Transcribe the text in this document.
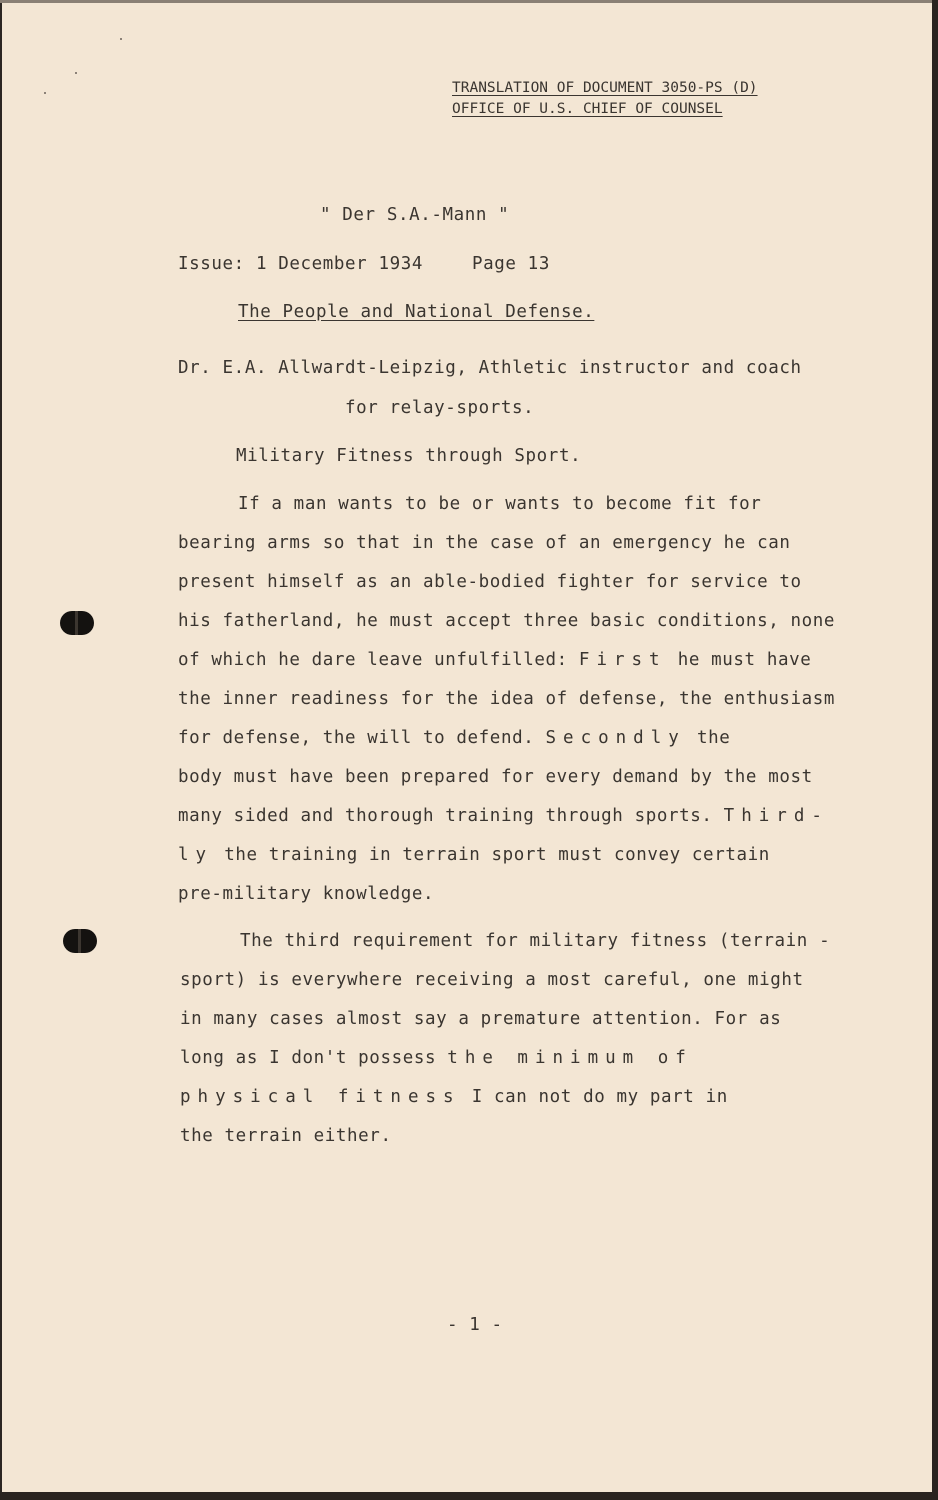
TRANSLATION OF DOCUMENT 3050-PS (D)
OFFICE OF U.S. CHIEF OF COUNSEL
" Der S.A.-Mann "
Issue: 1 December 1934	Page 13
The People and National Defense.
Dr. E.A. Allwardt-Leipzig, Athletic instructor and coach
for relay-sports.
Military Fitness through Sport.
If a man wants to be or wants to become fit for
bearing arms so that in the case of an emergency he can
present himself as an able-bodied fighter for service to
his fatherland, he must accept three basic conditions, none
of which he dare leave unfulfilled: First he must have
the inner readiness for the idea of defense, the enthusiasm
for defense, the will to defend. Secondly the
body must have been prepared for every demand by the most
many sided and thorough training through sports. Third-
ly the training in terrain sport must convey certain
pre-military knowledge.
The third requirement for military fitness (terrain -
sport) is everywhere receiving a most careful, one might
in many cases almost say a premature attention. For as
long as I don't possess the minimum of
physical fitness I can not do my part in
the terrain either.
- 1 -
